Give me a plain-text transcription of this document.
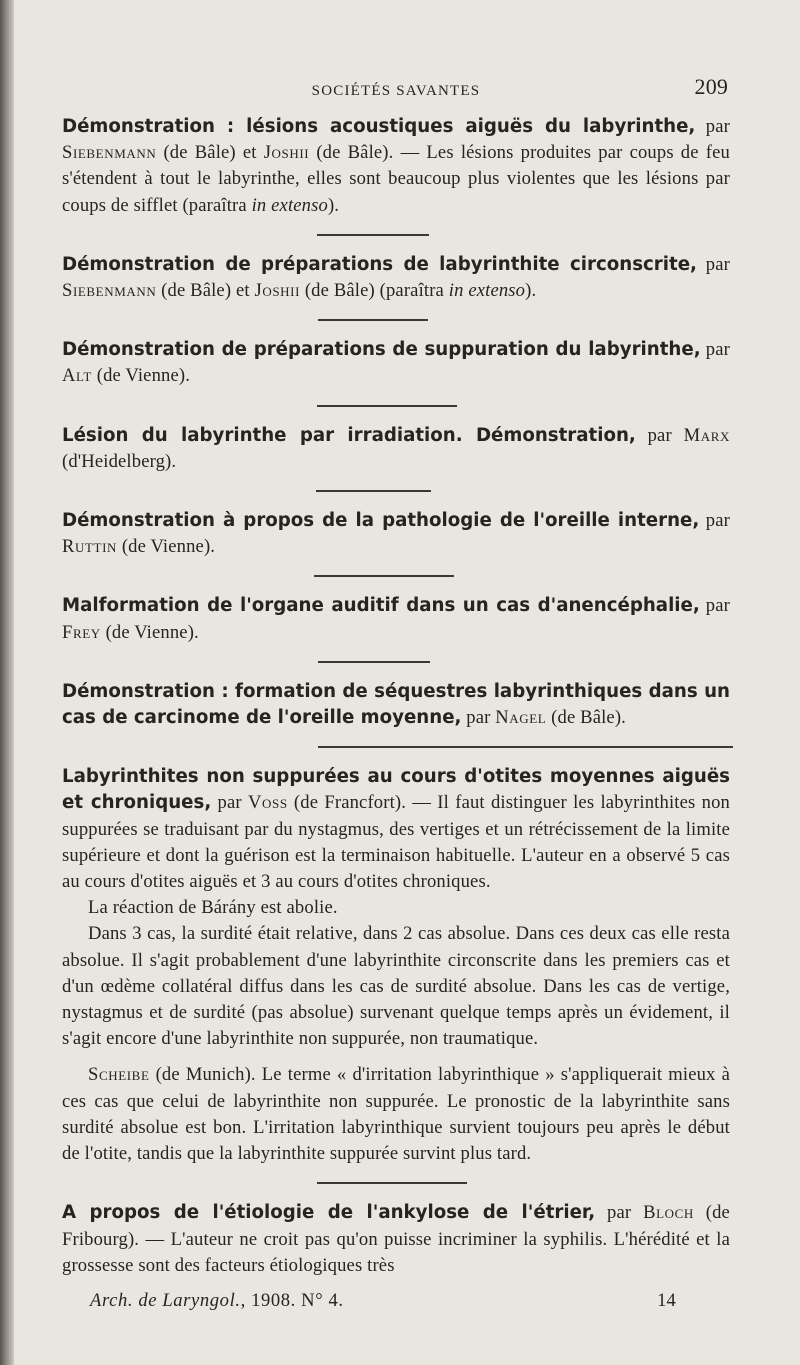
SOCIÉTÉS SAVANTES	209

Démonstration : lésions acoustiques aiguës du labyrinthe, par Siebenmann (de Bâle) et Joshii (de Bâle). — Les lésions produites par coups de feu s'étendent à tout le labyrinthe, elles sont beaucoup plus violentes que les lésions par coups de sifflet (paraîtra in extenso).

Démonstration de préparations de labyrinthite circonscrite, par Siebenmann (de Bâle) et Joshii (de Bâle) (paraîtra in extenso).

Démonstration de préparations de suppuration du labyrinthe, par Alt (de Vienne).

Lésion du labyrinthe par irradiation. Démonstration, par Marx (d'Heidelberg).

Démonstration à propos de la pathologie de l'oreille interne, par Ruttin (de Vienne).

Malformation de l'organe auditif dans un cas d'anencéphalie, par Frey (de Vienne).

Démonstration : formation de séquestres labyrinthiques dans un cas de carcinome de l'oreille moyenne, par Nagel (de Bâle).

Labyrinthites non suppurées au cours d'otites moyennes aiguës et chroniques, par Voss (de Francfort). — Il faut distinguer les labyrinthites non suppurées se traduisant par du nystagmus, des vertiges et un rétrécissement de la limite supérieure et dont la guérison est la terminaison habituelle. L'auteur en a observé 5 cas au cours d'otites aiguës et 3 au cours d'otites chroniques.

La réaction de Bárány est abolie.

Dans 3 cas, la surdité était relative, dans 2 cas absolue. Dans ces deux cas elle resta absolue. Il s'agit probablement d'une labyrinthite circonscrite dans les premiers cas et d'un œdème collatéral diffus dans les cas de surdité absolue. Dans les cas de vertige, nystagmus et de surdité (pas absolue) survenant quelque temps après un évidement, il s'agit encore d'une labyrinthite non suppurée, non traumatique.

Scheibe (de Munich). Le terme « d'irritation labyrinthique » s'appliquerait mieux à ces cas que celui de labyrinthite non suppurée. Le pronostic de la labyrinthite sans surdité absolue est bon. L'irritation labyrinthique survient toujours peu après le début de l'otite, tandis que la labyrinthite suppurée survint plus tard.

A propos de l'étiologie de l'ankylose de l'étrier, par Bloch (de Fribourg). — L'auteur ne croit pas qu'on puisse incriminer la syphilis. L'hérédité et la grossesse sont des facteurs étiologiques très

Arch. de Laryngol., 1908. N° 4.	14
